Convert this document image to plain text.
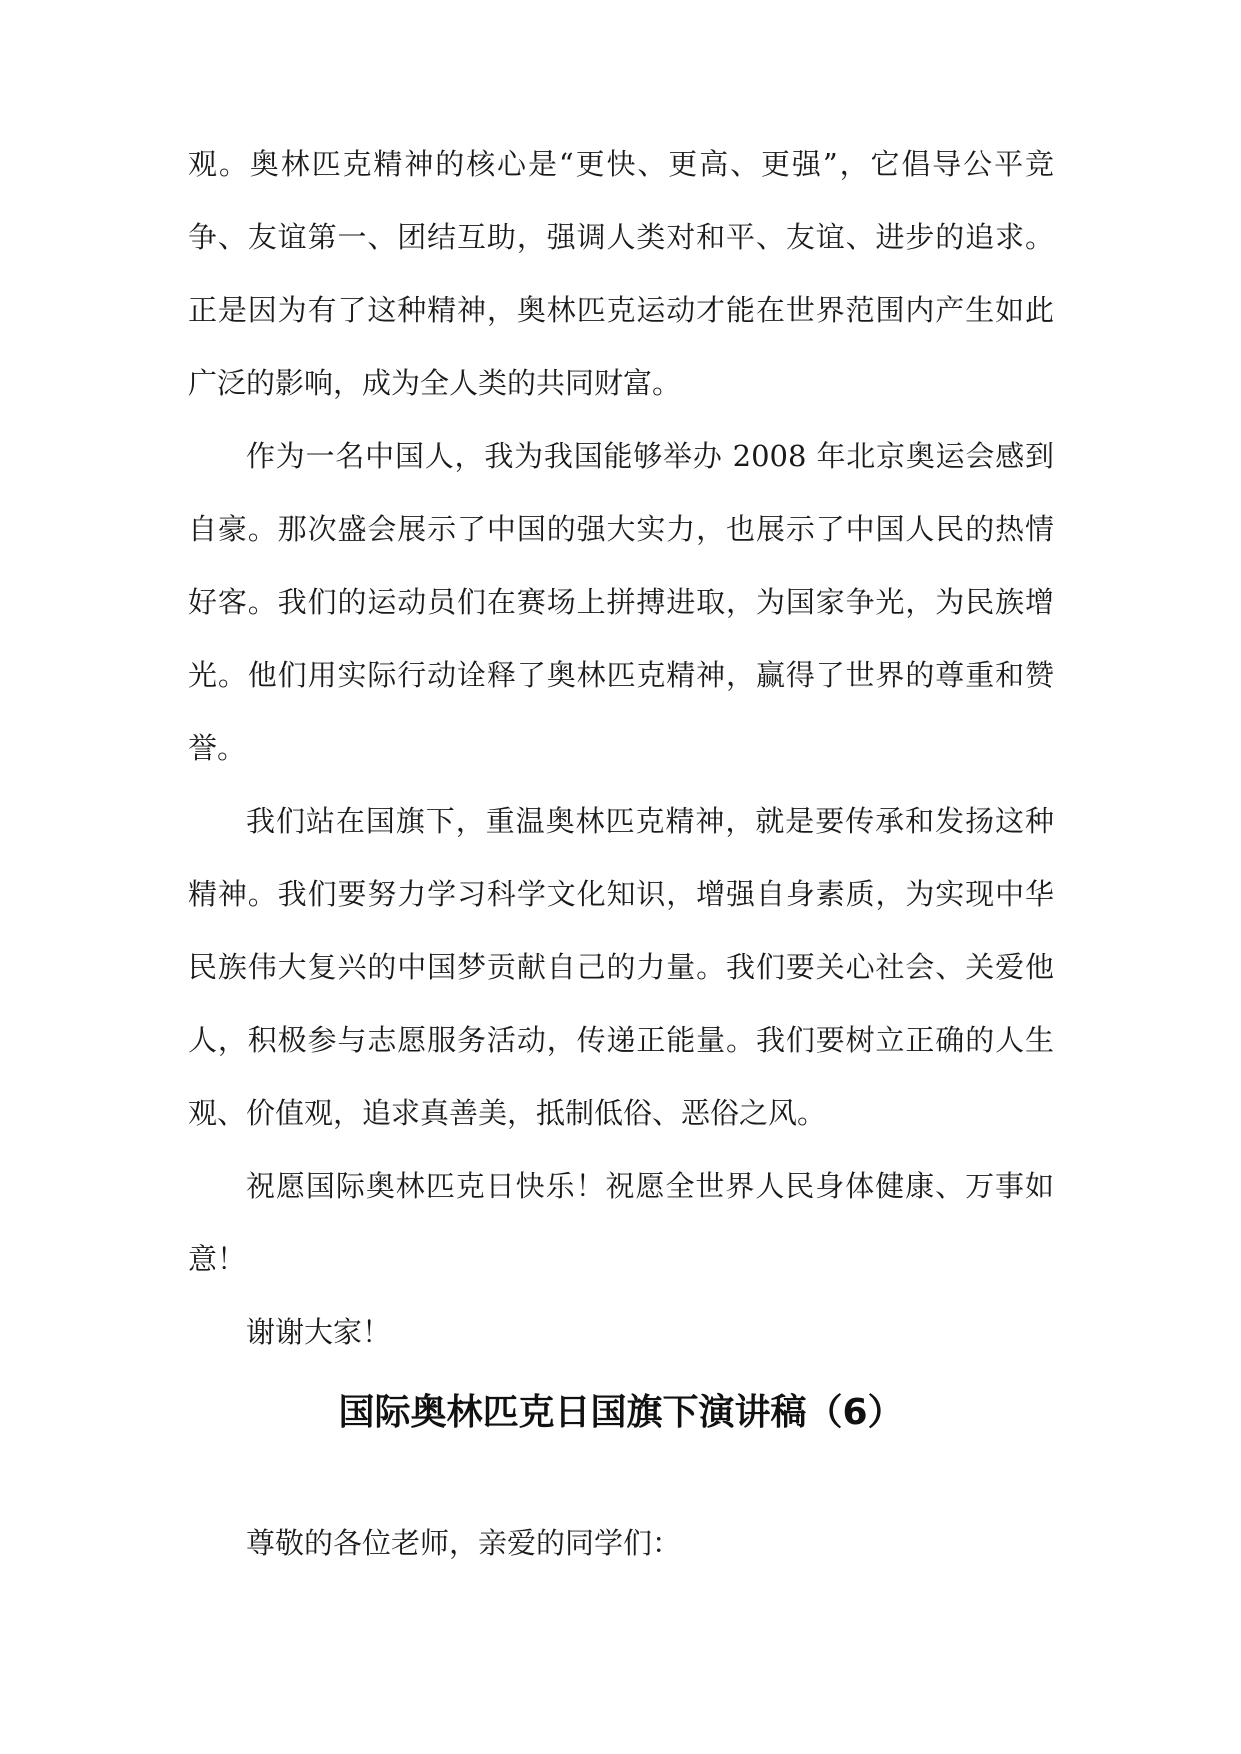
观。奥林匹克精神的核心是“更快、更高、更强”，它倡导公平竞争、友谊第一、团结互助，强调人类对和平、友谊、进步的追求。正是因为有了这种精神，奥林匹克运动才能在世界范围内产生如此广泛的影响，成为全人类的共同财富。

作为一名中国人，我为我国能够举办 2008 年北京奥运会感到自豪。那次盛会展示了中国的强大实力，也展示了中国人民的热情好客。我们的运动员们在赛场上拼搏进取，为国家争光，为民族增光。他们用实际行动诠释了奥林匹克精神，赢得了世界的尊重和赞誉。

我们站在国旗下，重温奥林匹克精神，就是要传承和发扬这种精神。我们要努力学习科学文化知识，增强自身素质，为实现中华民族伟大复兴的中国梦贡献自己的力量。我们要关心社会、关爱他人，积极参与志愿服务活动，传递正能量。我们要树立正确的人生观、价值观，追求真善美，抵制低俗、恶俗之风。

祝愿国际奥林匹克日快乐！祝愿全世界人民身体健康、万事如意！

谢谢大家！

国际奥林匹克日国旗下演讲稿（6）
尊敬的各位老师，亲爱的同学们：
